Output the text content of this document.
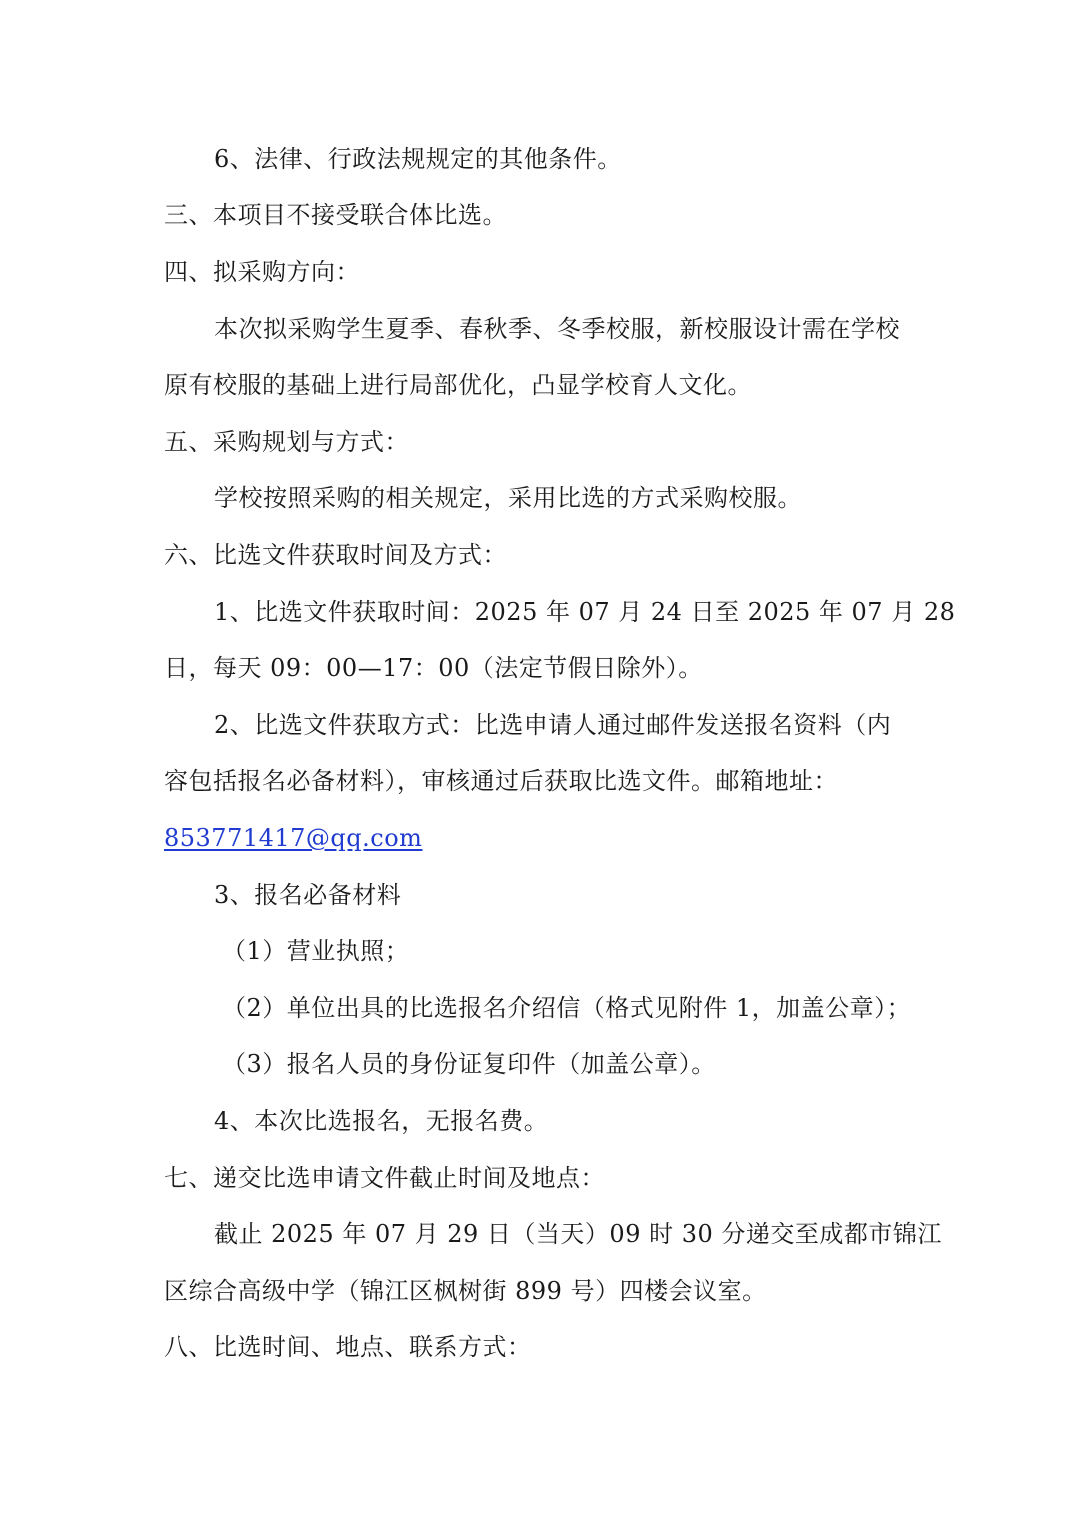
6、法律、行政法规规定的其他条件。
三、本项目不接受联合体比选。
四、拟采购方向：
本次拟采购学生夏季、春秋季、冬季校服，新校服设计需在学校
原有校服的基础上进行局部优化，凸显学校育人文化。
五、采购规划与方式：
学校按照采购的相关规定，采用比选的方式采购校服。
六、比选文件获取时间及方式：
1、比选文件获取时间：2025 年 07 月 24 日至 2025 年 07 月 28
日，每天 09：00—17：00（法定节假日除外）。
2、比选文件获取方式：比选申请人通过邮件发送报名资料（内
容包括报名必备材料），审核通过后获取比选文件。邮箱地址：
853771417@qq.com
3、报名必备材料
（1）营业执照；
（2）单位出具的比选报名介绍信（格式见附件 1，加盖公章）；
（3）报名人员的身份证复印件（加盖公章）。
4、本次比选报名，无报名费。
七、递交比选申请文件截止时间及地点：
截止 2025 年 07 月 29 日（当天）09 时 30 分递交至成都市锦江
区综合高级中学（锦江区枫树街 899 号）四楼会议室。
八、比选时间、地点、联系方式：
